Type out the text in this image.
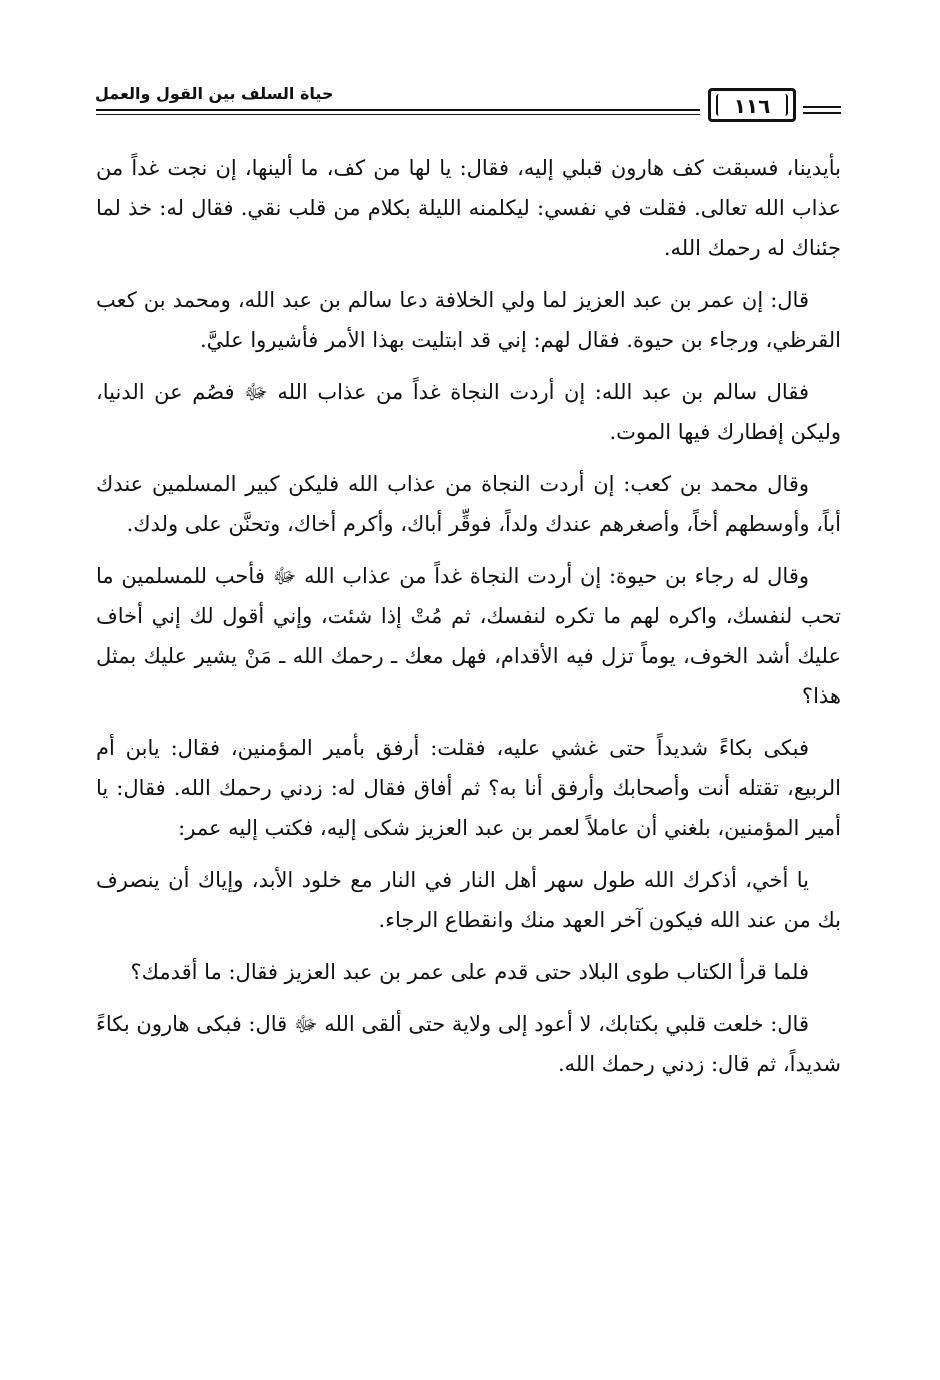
حياة السلف بين القول والعمل
١١٦

بأيدينا، فسبقت كف هارون قبلي إليه، فقال: يا لها من كف، ما ألينها، إن نجت غداً من عذاب الله تعالى. فقلت في نفسي: ليكلمنه الليلة بكلام من قلب نقي. فقال له: خذ لما جئناك له رحمك الله.

قال: إن عمر بن عبد العزيز لما ولي الخلافة دعا سالم بن عبد الله، ومحمد بن كعب القرظي، ورجاء بن حيوة. فقال لهم: إني قد ابتليت بهذا الأمر فأشيروا عليَّ.

فقال سالم بن عبد الله: إن أردت النجاة غداً من عذاب الله ﷻ فصُم عن الدنيا، وليكن إفطارك فيها الموت.

وقال محمد بن كعب: إن أردت النجاة من عذاب الله فليكن كبير المسلمين عندك أباً، وأوسطهم أخاً، وأصغرهم عندك ولداً، فوقِّر أباك، وأكرم أخاك، وتحنَّن على ولدك.

وقال له رجاء بن حيوة: إن أردت النجاة غداً من عذاب الله ﷻ فأحب للمسلمين ما تحب لنفسك، واكره لهم ما تكره لنفسك، ثم مُتْ إذا شئت، وإني أقول لك إني أخاف عليك أشد الخوف، يوماً تزل فيه الأقدام، فهل معك ـ رحمك الله ـ مَنْ يشير عليك بمثل هذا؟

فبكى بكاءً شديداً حتى غشي عليه، فقلت: أرفق بأمير المؤمنين، فقال: يابن أم الربيع، تقتله أنت وأصحابك وأرفق أنا به؟ ثم أفاق فقال له: زدني رحمك الله. فقال: يا أمير المؤمنين، بلغني أن عاملاً لعمر بن عبد العزيز شكى إليه، فكتب إليه عمر:

يا أخي، أذكرك الله طول سهر أهل النار في النار مع خلود الأبد، وإياك أن ينصرف بك من عند الله فيكون آخر العهد منك وانقطاع الرجاء.

فلما قرأ الكتاب طوى البلاد حتى قدم على عمر بن عبد العزيز فقال: ما أقدمك؟

قال: خلعت قلبي بكتابك، لا أعود إلى ولاية حتى ألقى الله ﷻ قال: فبكى هارون بكاءً شديداً، ثم قال: زدني رحمك الله.
